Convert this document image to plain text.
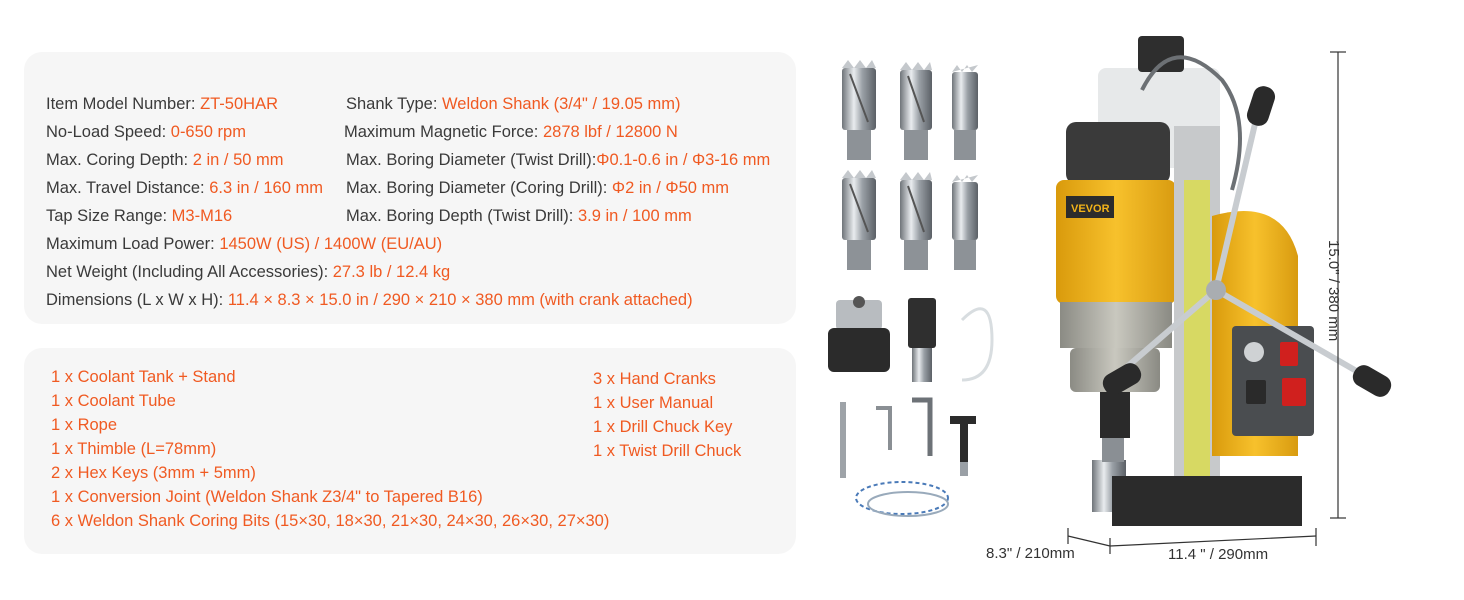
Item Model Number: ZT-50HAR
No-Load Speed: 0-650 rpm
Max. Coring Depth: 2 in / 50 mm
Max. Travel Distance: 6.3 in / 160 mm
Tap Size Range: M3-M16
Maximum Load Power: 1450W (US) / 1400W (EU/AU)
Net Weight (Including All Accessories): 27.3 lb / 12.4 kg
Dimensions (L x W x H): 11.4 × 8.3 × 15.0 in / 290 × 210 × 380 mm (with crank attached)
Shank Type: Weldon Shank (3/4" / 19.05 mm)
Maximum Magnetic Force: 2878 lbf / 12800 N
Max. Boring Diameter (Twist Drill):Φ0.1-0.6 in / Φ3-16 mm
Max. Boring Diameter (Coring Drill): Φ2 in / Φ50 mm
Max. Boring Depth (Twist Drill): 3.9 in / 100 mm
1 x Coolant Tank + Stand
1 x Coolant Tube
1 x Rope
1 x Thimble (L=78mm)
2 x Hex Keys (3mm + 5mm)
1 x Conversion Joint (Weldon Shank Z3/4" to Tapered B16)
6 x Weldon Shank Coring Bits (15×30, 18×30, 21×30, 24×30, 26×30, 27×30)
3 x Hand Cranks
1 x User Manual
1 x Drill Chuck Key
1 x Twist Drill Chuck
VEVOR
15.0" / 380 mm
8.3" / 210mm	11.4 " / 290mm
